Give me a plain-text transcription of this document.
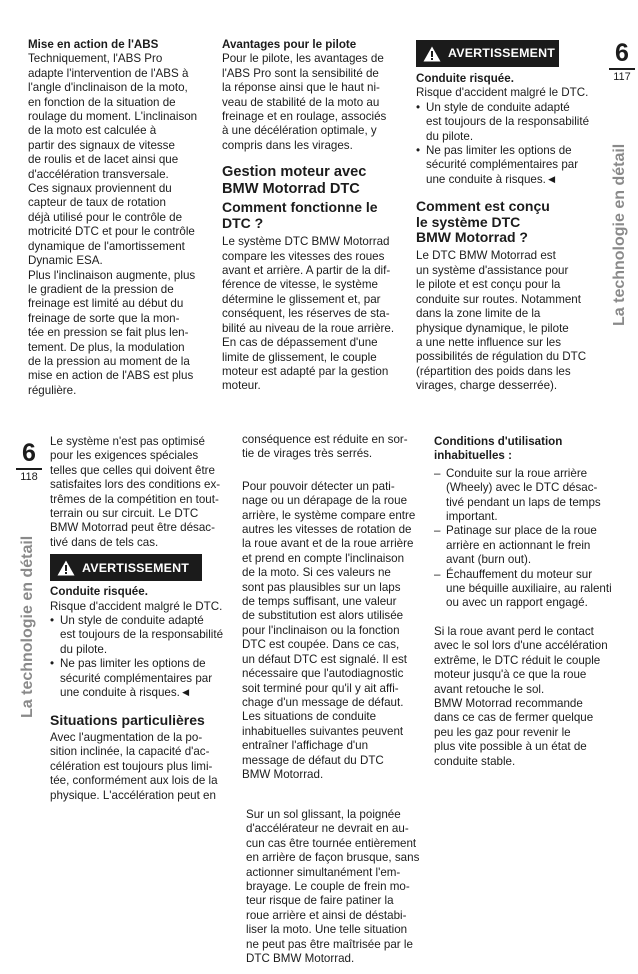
Mise en action de l'ABS

Techniquement, l'ABS Pro
adapte l'intervention de l'ABS à
l'angle d'inclinaison de la moto,
en fonction de la situation de
roulage du moment. L'inclinaison
de la moto est calculée à
partir des signaux de vitesse
de roulis et de lacet ainsi que
d'accélération transversale.
Ces signaux proviennent du
capteur de taux de rotation
déjà utilisé pour le contrôle de
motricité DTC et pour le contrôle
dynamique de l'amortissement
Dynamic ESA.
Plus l'inclinaison augmente, plus
le gradient de la pression de
freinage est limité au début du
freinage de sorte que la mon-
tée en pression se fait plus len-
tement. De plus, la modulation
de la pression au moment de la
mise en action de l'ABS est plus
régulière.

Avantages pour le pilote

Pour le pilote, les avantages de
l'ABS Pro sont la sensibilité de
la réponse ainsi que le haut ni-
veau de stabilité de la moto au
freinage et en roulage, associés
à une décélération optimale, y
compris dans les virages.
Gestion moteur avec
BMW Motorrad DTC
Comment fonctionne le
DTC ?
Le système DTC BMW Motorrad
compare les vitesses des roues
avant et arrière. A partir de la dif-
férence de vitesse, le système
détermine le glissement et, par
conséquent, les réserves de sta-
bilité au niveau de la roue arrière.
En cas de dépassement d'une
limite de glissement, le couple
moteur est adapté par la gestion
moteur.
AVERTISSEMENT

Conduite risquée.

Risque d'accident malgré le DTC.

• Un style de conduite adapté
est toujours de la responsabilité
du pilote.
• Ne pas limiter les options de
sécurité complémentaires par
une conduite à risques.◄
Comment est conçu
le système DTC
BMW Motorrad ?
Le DTC BMW Motorrad est
un système d'assistance pour
le pilote et est conçu pour la
conduite sur routes. Notamment
dans la zone limite de la
physique dynamique, le pilote
a une nette influence sur les
possibilités de régulation du DTC
(répartition des poids dans les
virages, charge desserrée).
6
117
La technologie en détail
6
118
La technologie en détail
Le système n'est pas optimisé
pour les exigences spéciales
telles que celles qui doivent être
satisfaites lors des conditions ex-
trêmes de la compétition en tout-
terrain ou sur circuit. Le DTC
BMW Motorrad peut être désac-
tivé dans de tels cas.
AVERTISSEMENT

Conduite risquée.

Risque d'accident malgré le DTC.

• Un style de conduite adapté
est toujours de la responsabilité
du pilote.
• Ne pas limiter les options de
sécurité complémentaires par
une conduite à risques.◄

Situations particulières

Avec l'augmentation de la po-
sition inclinée, la capacité d'ac-
célération est toujours plus limi-
tée, conformément aux lois de la
physique. L'accélération peut en
conséquence est réduite en sor-
tie de virages très serrés.
Pour pouvoir détecter un pati-
nage ou un dérapage de la roue
arrière, le système compare entre
autres les vitesses de rotation de
la roue avant et de la roue arrière
et prend en compte l'inclinaison
de la moto. Si ces valeurs ne
sont pas plausibles sur un laps
de temps suffisant, une valeur
de substitution est alors utilisée
pour l'inclinaison ou la fonction
DTC est coupée. Dans ce cas,
un défaut DTC est signalé. Il est
nécessaire que l'autodiagnostic
soit terminé pour qu'il y ait affi-
chage d'un message de défaut.
Les situations de conduite
inhabituelles suivantes peuvent
entraîner l'affichage d'un
message de défaut du DTC
BMW Motorrad.
Conditions d'utilisation
inhabituelles :
– Conduite sur la roue arrière
(Wheely) avec le DTC désac-
tivé pendant un laps de temps
important.
– Patinage sur place de la roue
arrière en actionnant le frein
avant (burn out).
– Échauffement du moteur sur
une béquille auxiliaire, au ralenti
ou avec un rapport engagé.
Si la roue avant perd le contact
avec le sol lors d'une accélération
extrême, le DTC réduit le couple
moteur jusqu'à ce que la roue
avant retouche le sol.
BMW Motorrad recommande
dans ce cas de fermer quelque
peu les gaz pour revenir le
plus vite possible à un état de
conduite stable.
Sur un sol glissant, la poignée
d'accélérateur ne devrait en au-
cun cas être tournée entièrement
en arrière de façon brusque, sans
actionner simultanément l'em-
brayage. Le couple de frein mo-
teur risque de faire patiner la
roue arrière et ainsi de déstabi-
liser la moto. Une telle situation
ne peut pas être maîtrisée par le
DTC BMW Motorrad.
